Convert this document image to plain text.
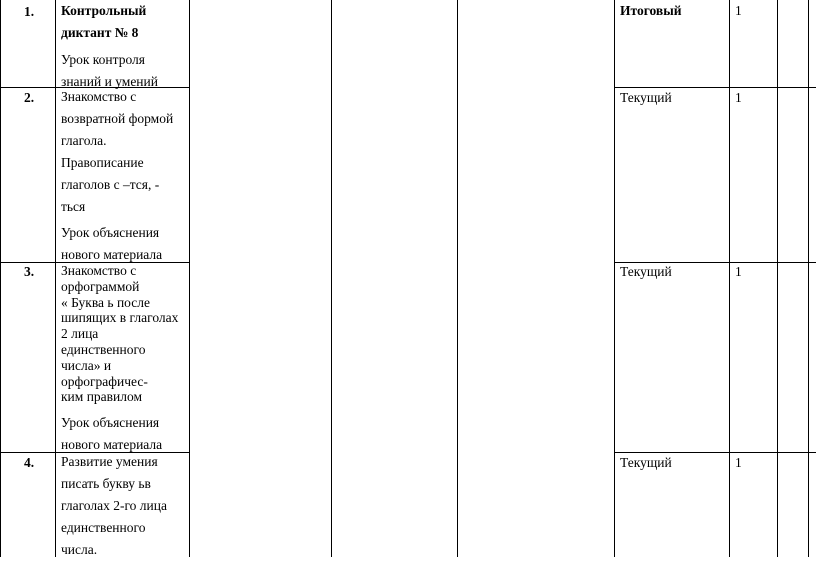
1. Контрольный
диктант № 8
Урок контроля
знаний и умений
Итоговый	1
2. Знакомство с
возвратной формой
глагола.
Правописание
глаголов с –тся, -
ться
Урок объяснения
нового материала
Текущий	1
3. Знакомство с
орфограммой
« Буква ь после
шипящих в глаголах
2 лица
единственного
числа» и
орфографичес-
ким правилом
Урок объяснения
нового материала
Текущий	1
4. Развитие умения
писать букву ьв
глаголах 2-го лица
единственного
числа.
Текущий	1
